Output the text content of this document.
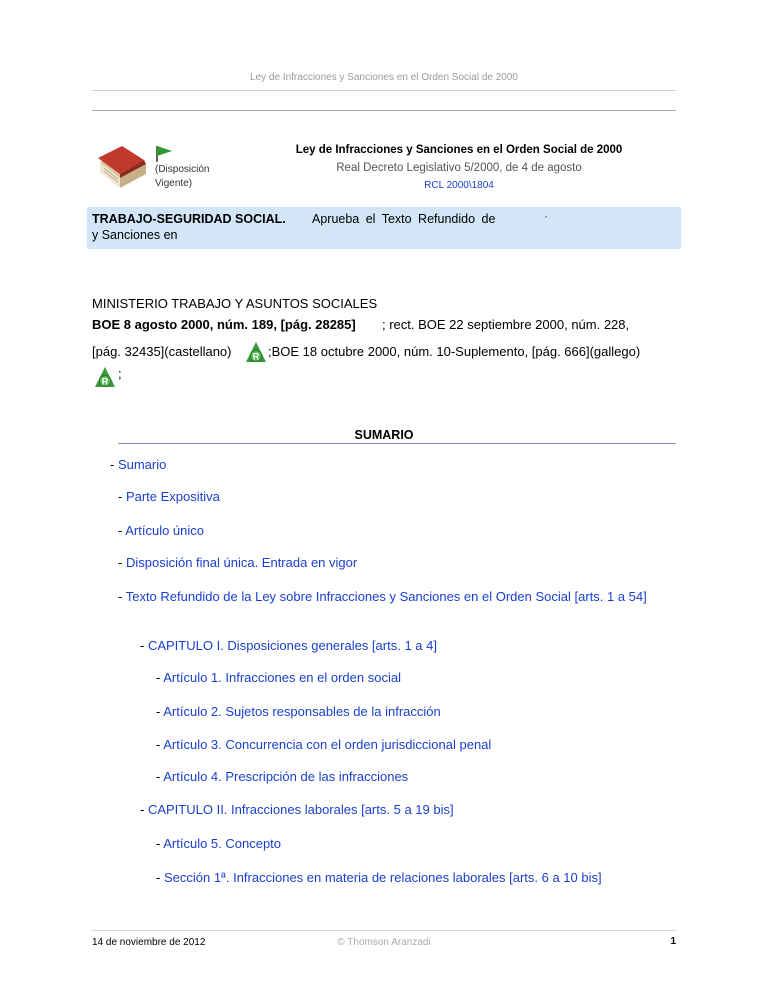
Ley de Infracciones y Sanciones en el Orden Social de 2000
(Disposición
Vigente)
Ley de Infracciones y Sanciones en el Orden Social de 2000
Real Decreto Legislativo 5/2000, de 4 de agosto
RCL 2000\1804
TRABAJO-SEGURIDAD SOCIAL.
y Sanciones en
Aprueba el Texto Refundido de	ˊ
MINISTERIO TRABAJO Y ASUNTOS SOCIALES
BOE 8 agosto 2000, núm. 189, [pág. 28285] ; rect. BOE 22 septiembre 2000, núm. 228,
[pág. 32435](castellano) R ;BOE 18 octubre 2000, núm. 10-Suplemento, [pág. 666](gallego)
R
;
SUMARIO
- Sumario
- Parte Expositiva
- Artículo único
- Disposición final única. Entrada en vigor
- Texto Refundido de la Ley sobre Infracciones y Sanciones en el Orden Social [arts. 1 a 54]
- CAPITULO I. Disposiciones generales [arts. 1 a 4]
- Artículo 1. Infracciones en el orden social
- Artículo 2. Sujetos responsables de la infracción
- Artículo 3. Concurrencia con el orden jurisdiccional penal
- Artículo 4. Prescripción de las infracciones
- CAPITULO II. Infracciones laborales [arts. 5 a 19 bis]
- Artículo 5. Concepto
- Sección 1ª. Infracciones en materia de relaciones laborales [arts. 6 a 10 bis]
14 de noviembre de 2012	© Thomson Aranzadi	1
